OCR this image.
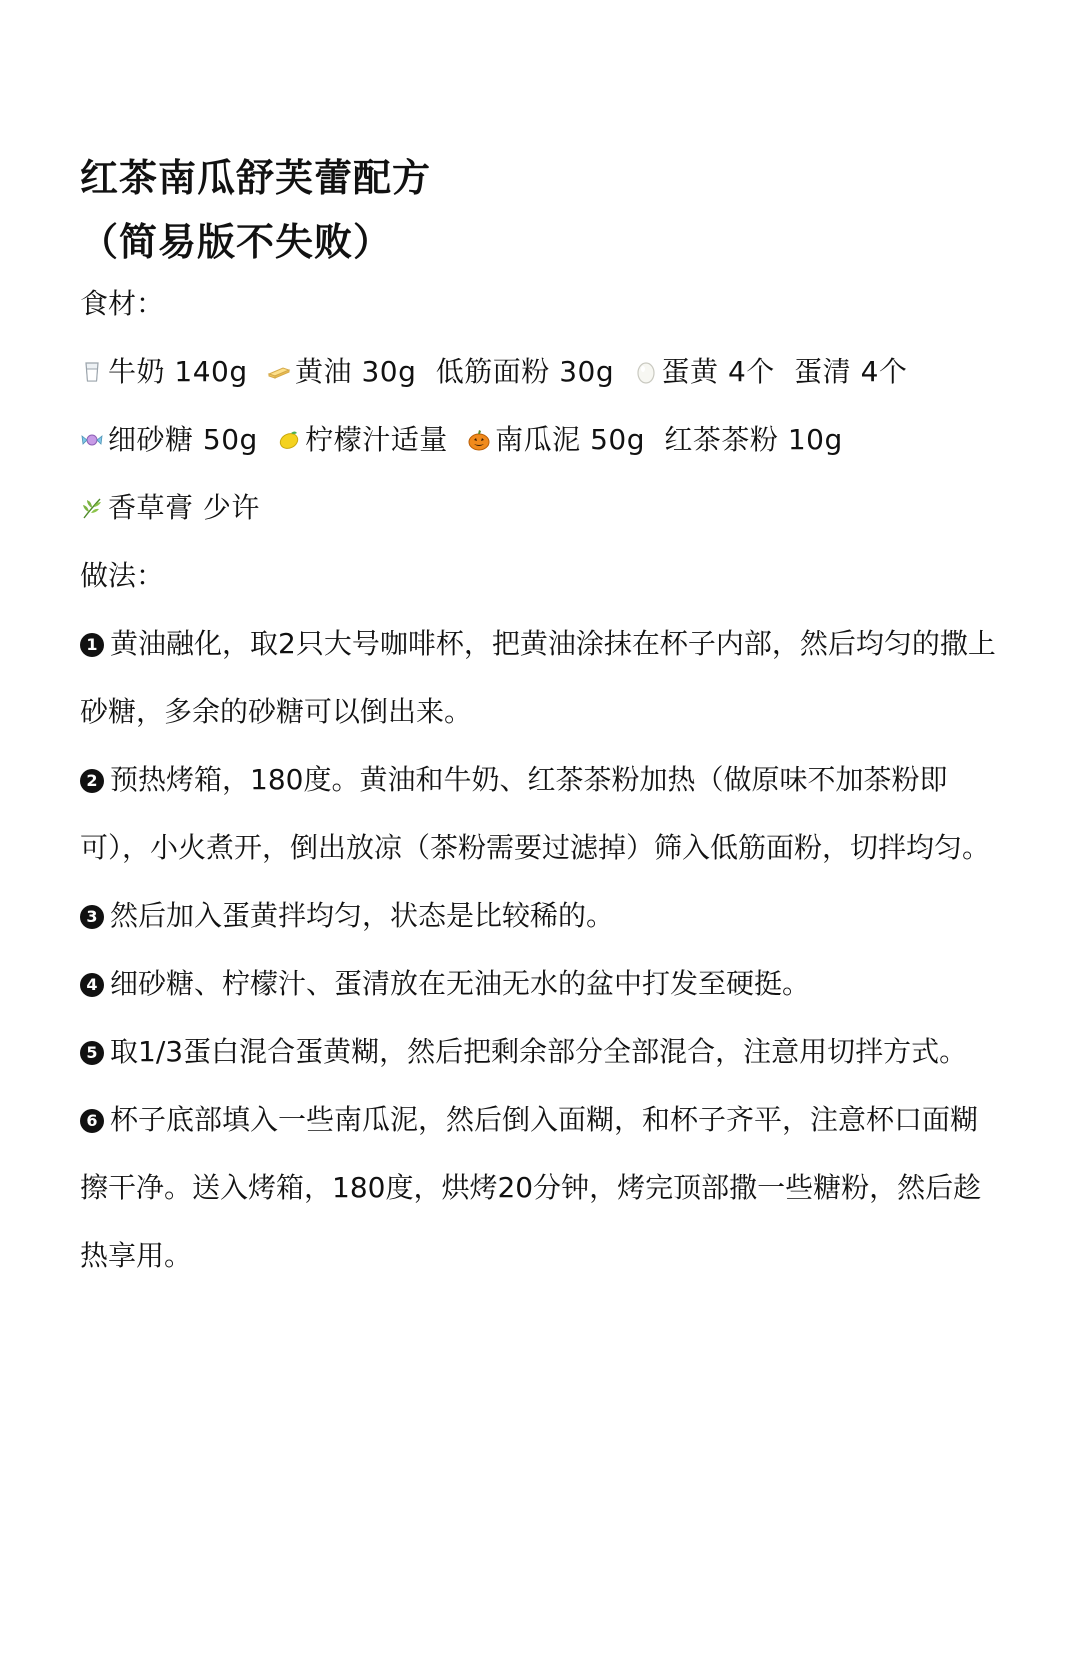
红茶南瓜舒芙蕾配方
（简易版不失败）

食材：

牛奶 140g 黄油 30g 低筋面粉 30g 蛋黄 4个 蛋清 4个
细砂糖 50g 柠檬汁适量 南瓜泥 50g 红茶茶粉 10g

香草膏 少许

做法：

1 黄油融化，取2只大号咖啡杯，把黄油涂抹在杯子内部，然后均匀的撒上砂糖，多余的砂糖可以倒出来。

2 预热烤箱，180度。黄油和牛奶、红茶茶粉加热（做原味不加茶粉即可），小火煮开，倒出放凉（茶粉需要过滤掉）筛入低筋面粉，切拌均匀。

3 然后加入蛋黄拌均匀，状态是比较稀的。

4 细砂糖、柠檬汁、蛋清放在无油无水的盆中打发至硬挺。

5 取1/3蛋白混合蛋黄糊，然后把剩余部分全部混合，注意用切拌方式。

6 杯子底部填入一些南瓜泥，然后倒入面糊，和杯子齐平，注意杯口面糊擦干净。送入烤箱，180度，烘烤20分钟，烤完顶部撒一些糖粉，然后趁热享用。
